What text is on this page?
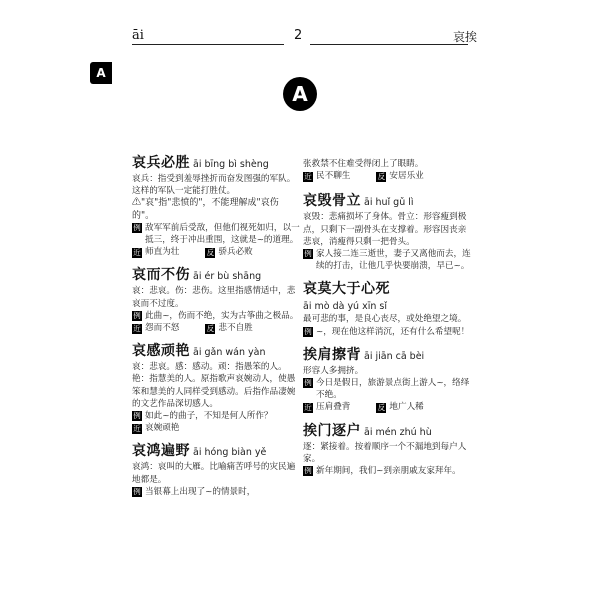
āi	2	哀挨
A
A
哀兵必胜 āi bīng bì shèng
哀兵：指受到羞辱挫折而奋发图强的军队。这样的军队一定能打胜仗。
⚠"哀"指"悲愤的"，不能理解成"哀伤的"。
例 敌军军前后受敌，但他们视死如归，以一抵三，终于冲出重围，这就是~的道理。
近 师直为壮	反 骄兵必败
哀而不伤 āi ér bù shāng
哀：悲哀。伤：悲伤。这里指感情适中，悲哀而不过度。
例 此曲~，伤而不绝，实为古筝曲之极品。
近 怨而不怒	反 悲不自胜
哀感顽艳 āi gǎn wán yàn
哀：悲哀。感：感动。顽：指愚笨的人。艳：指慧美的人。原指歌声哀婉动人，使愚笨和慧美的人同样受到感动。后指作品凄婉的文艺作品深切感人。
例 如此~的曲子，不知是何人所作？
近 哀婉顽艳
哀鸿遍野 āi hóng biàn yě
哀鸿：哀叫的大雁。比喻痛苦呼号的灾民遍地都是。
例 当银幕上出现了~的情景时，
张救禁不住难受得闭上了眼睛。
近 民不聊生	反 安居乐业
哀毁骨立 āi huǐ gǔ lì
哀毁：悲痛损坏了身体。骨立：形容瘦到极点，只剩下一副骨头在支撑着。形容因丧亲悲哀，消瘦得只剩一把骨头。
例 家人接二连三逝世，妻子又离他而去，连续的打击，让他几乎快要崩溃，早已~。
哀莫大于心死
āi mò dà yú xīn sǐ
最可悲的事，是良心丧尽，或处绝望之境。
例 ~，现在他这样消沉，还有什么希望呢！
挨肩擦背 āi jiān cā bèi
形容人多拥挤。
例 今日是假日，旅游景点街上游人~，络绎不绝。
近 压肩叠背	反 地广人稀
挨门逐户 āi mén zhú hù
逐：紧接着。按着顺序一个不漏地到每户人家。
例 新年期间，我们~到亲朋戚友家拜年。
